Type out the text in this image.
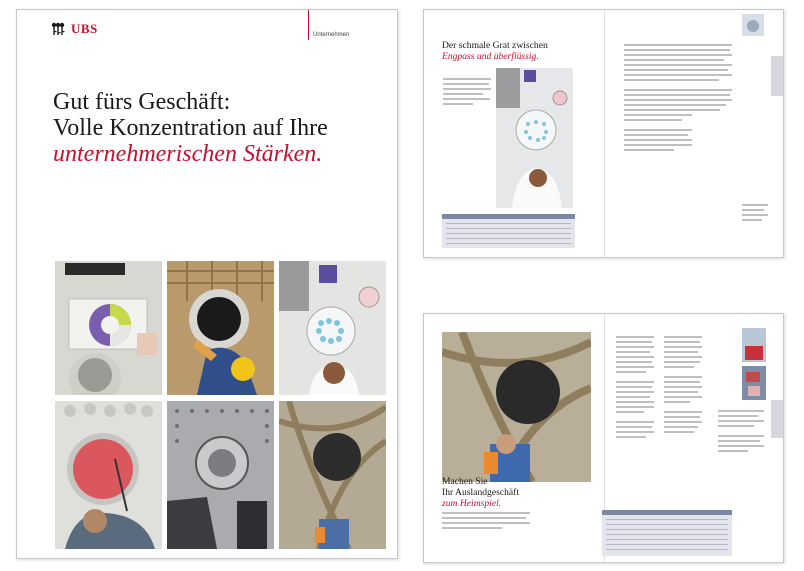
UBS	Unternehmen
Gut fürs Geschäft:
Volle Konzentration auf Ihre
unternehmerischen Stärken.
Der schmale Grat zwischen
Engpass und überflüssig.
Machen Sie
Ihr Auslandgeschäft
zum Heimspiel.
